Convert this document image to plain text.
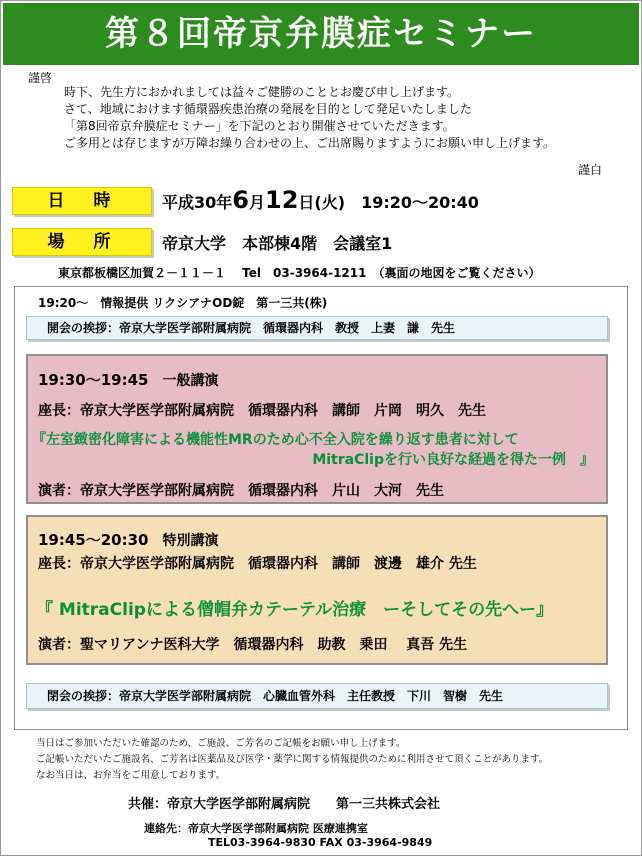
第８回帝京弁膜症セミナー
謹啓
時下、先生方におかれましては益々ご健勝のこととお慶び申し上げます。
さて、地域におけます循環器疾患治療の発展を目的として発足いたしました
「第8回帝京弁膜症セミナー」を下記のとおり開催させていただきます。
ご多用とは存じますが万障お繰り合わせの上、ご出席賜りますようにお願い申し上げます。
謹白
日　時	平成30年6月12日(火)　 19:20～20:40
場　所	帝京大学　本部棟4階　会議室1
東京都板橋区加賀２－１１－１　 Tel　03-3964-1211　（裏面の地図をご覧ください）
19:20～　情報提供 リクシアナOD錠　第一三共(株)
開会の挨拶：帝京大学医学部附属病院　循環器内科　教授　上妻　謙　先生
19:30～19:45　 一般講演
座長：帝京大学医学部附属病院　循環器内科　講師　片岡　明久　先生
『左室緻密化障害による機能性MRのため心不全入院を繰り返す患者に対して
MitraClipを行い良好な経過を得た一例　』
演者：帝京大学医学部附属病院　循環器内科　片山　大河　先生
19:45～20:30　 特別講演
座長：帝京大学医学部附属病院　循環器内科　講師　渡邊　雄介 先生
『 MitraClipによる僧帽弁カテーテル治療　ーそしてその先へー』
演者：聖マリアンナ医科大学　循環器内科　助教　乗田　 真吾 先生
閉会の挨拶：帝京大学医学部附属病院　心臓血管外科　主任教授　下川　智樹　先生
当日はご参加いただいた確認のため、ご施設、ご芳名のご記帳をお願い申し上げます。
ご記帳いただいたご施設名、ご芳名は医薬品及び医学・薬学に関する情報提供のために利用させて頂くことがあります。
なお当日は、お弁当をご用意しております。
共催：帝京大学医学部附属病院　　第一三共株式会社
連絡先：帝京大学医学部附属病院 医療連携室
TEL03-3964-9830 FAX 03-3964-9849
